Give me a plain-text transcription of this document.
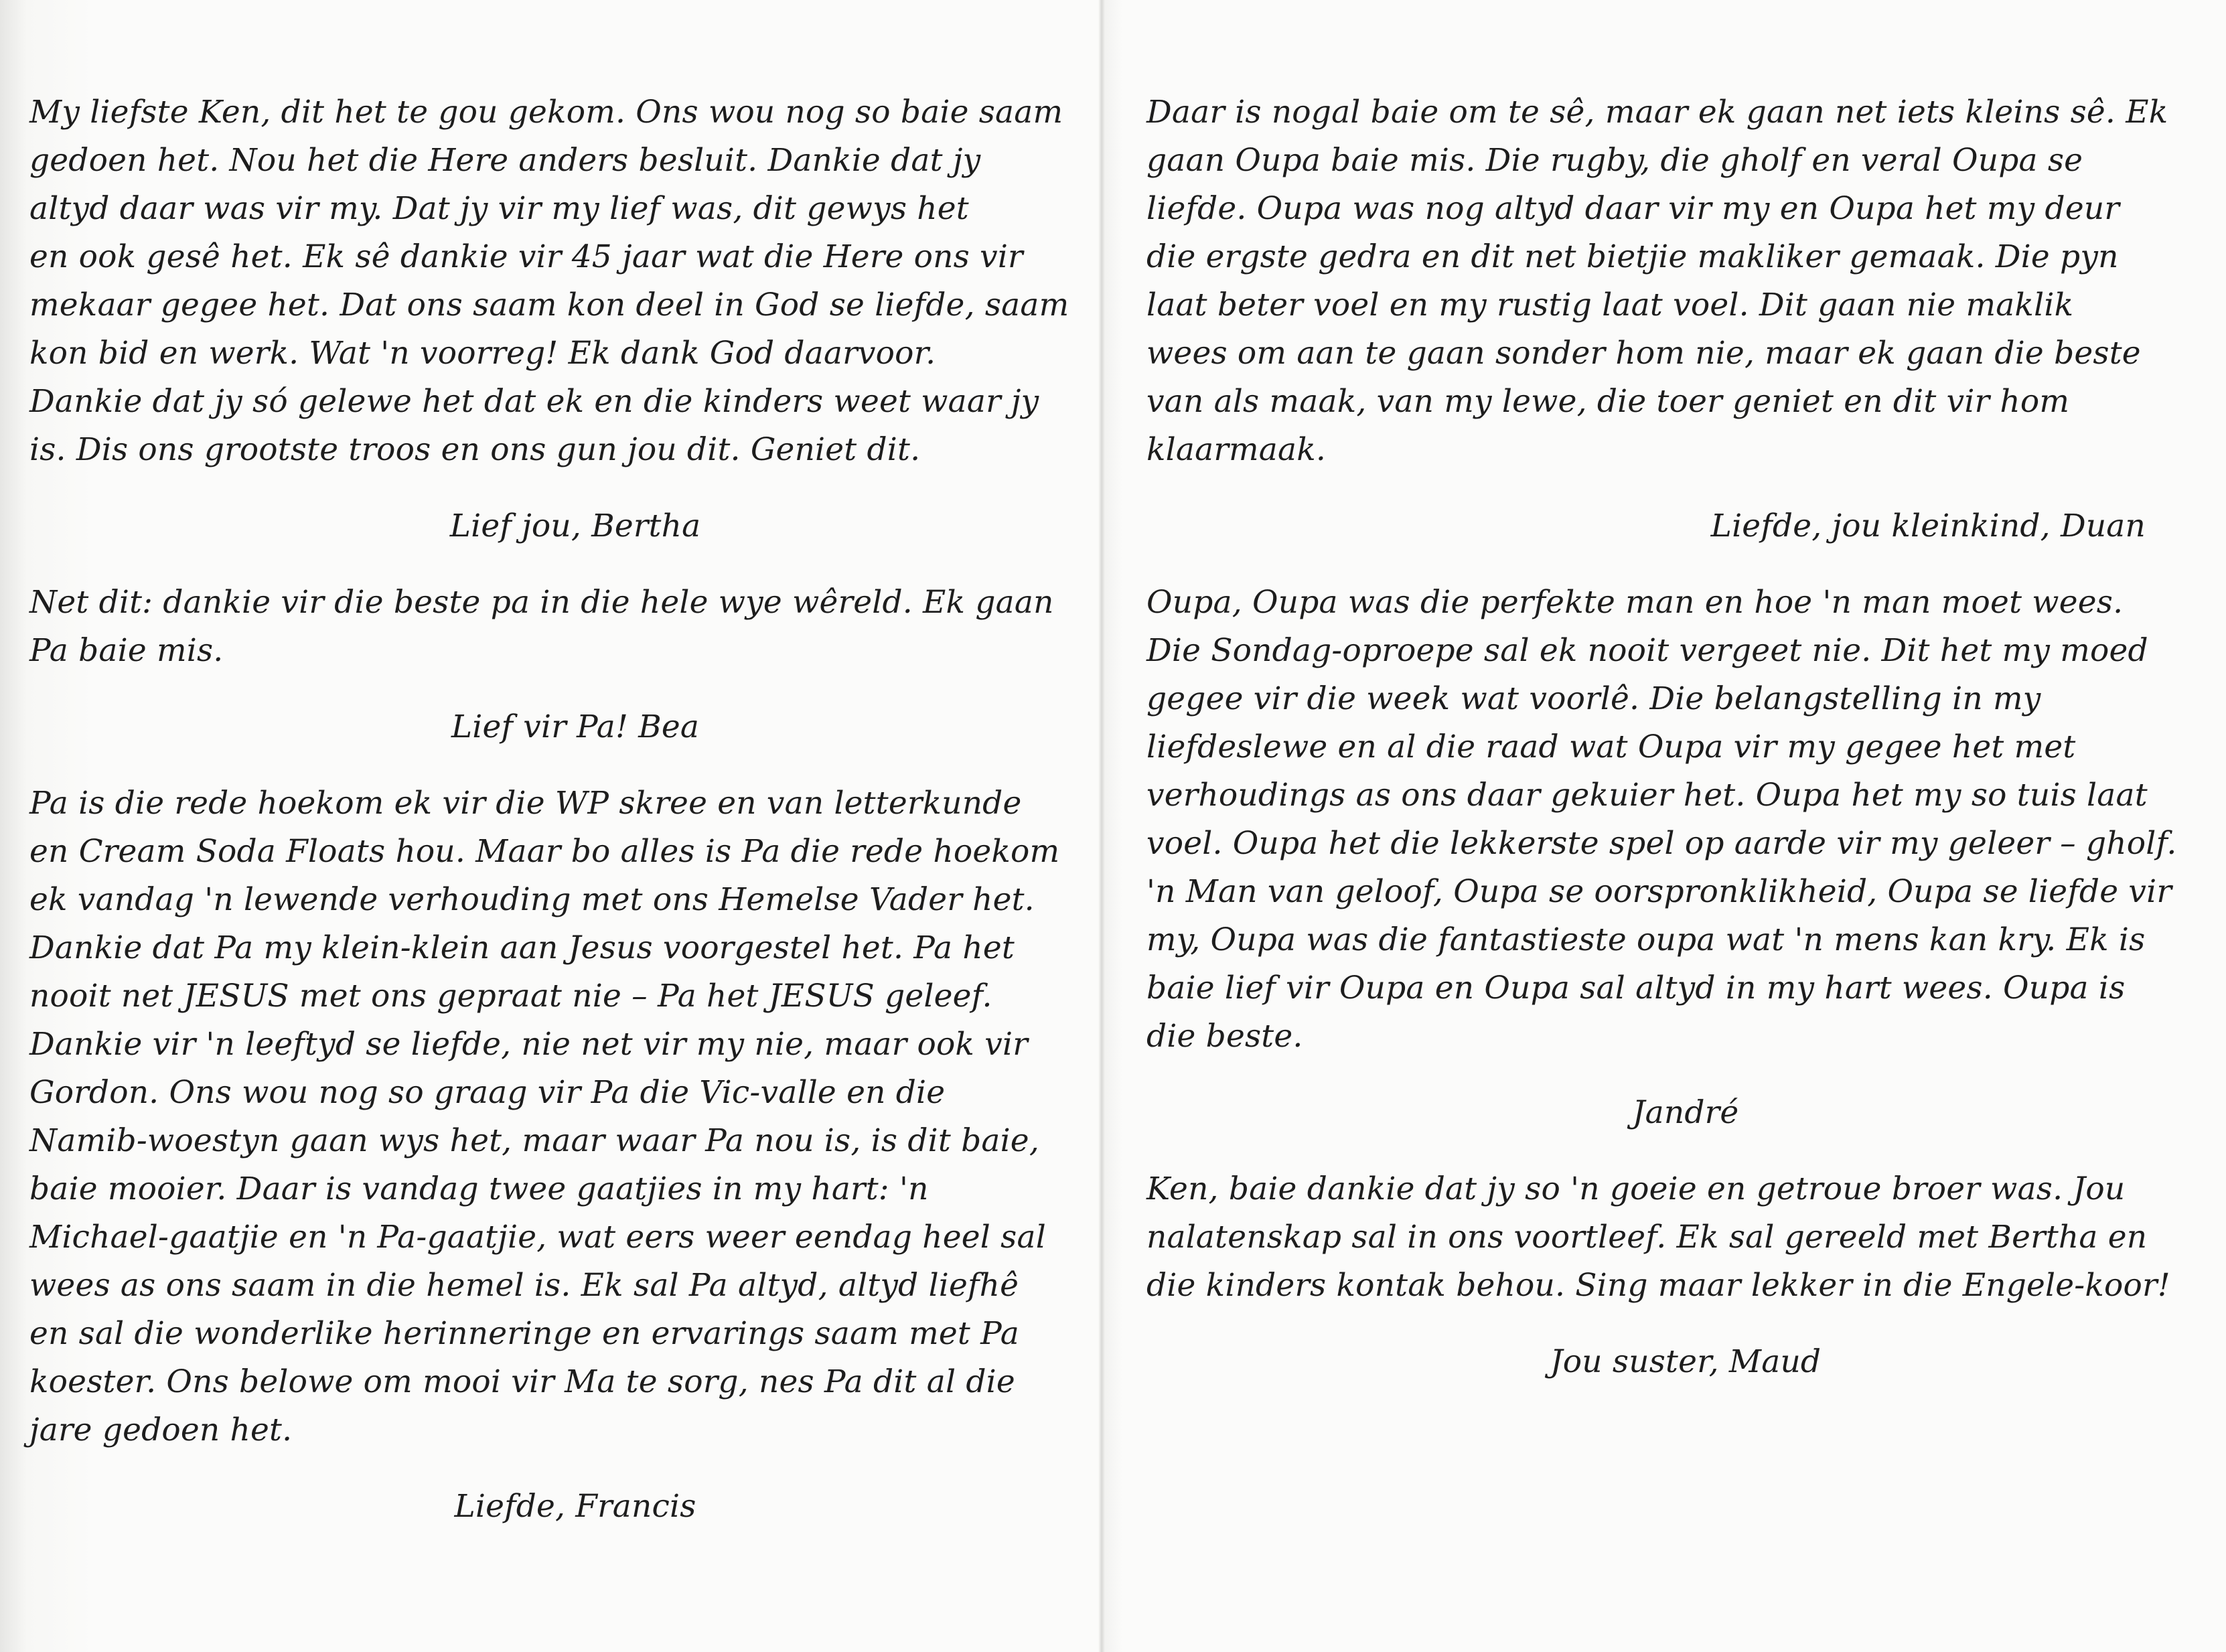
My liefste Ken, dit het te gou gekom. Ons wou nog so baie saam
gedoen het. Nou het die Here anders besluit. Dankie dat jy
altyd daar was vir my. Dat jy vir my lief was, dit gewys het
en ook gesê het. Ek sê dankie vir 45 jaar wat die Here ons vir
mekaar gegee het. Dat ons saam kon deel in God se liefde, saam
kon bid en werk. Wat 'n voorreg! Ek dank God daarvoor.
Dankie dat jy só gelewe het dat ek en die kinders weet waar jy
is. Dis ons grootste troos en ons gun jou dit. Geniet dit.

Lief jou, Bertha

Net dit: dankie vir die beste pa in die hele wye wêreld. Ek gaan
Pa baie mis.

Lief vir Pa! Bea

Pa is die rede hoekom ek vir die WP skree en van letterkunde
en Cream Soda Floats hou. Maar bo alles is Pa die rede hoekom
ek vandag 'n lewende verhouding met ons Hemelse Vader het.
Dankie dat Pa my klein-klein aan Jesus voorgestel het. Pa het
nooit net JESUS met ons gepraat nie – Pa het JESUS geleef.
Dankie vir 'n leeftyd se liefde, nie net vir my nie, maar ook vir
Gordon. Ons wou nog so graag vir Pa die Vic-valle en die
Namib-woestyn gaan wys het, maar waar Pa nou is, is dit baie,
baie mooier. Daar is vandag twee gaatjies in my hart: 'n
Michael-gaatjie en 'n Pa-gaatjie, wat eers weer eendag heel sal
wees as ons saam in die hemel is. Ek sal Pa altyd, altyd liefhê
en sal die wonderlike herinneringe en ervarings saam met Pa
koester. Ons belowe om mooi vir Ma te sorg, nes Pa dit al die
jare gedoen het.

Liefde, Francis

Daar is nogal baie om te sê, maar ek gaan net iets kleins sê. Ek
gaan Oupa baie mis. Die rugby, die gholf en veral Oupa se
liefde. Oupa was nog altyd daar vir my en Oupa het my deur
die ergste gedra en dit net bietjie makliker gemaak. Die pyn
laat beter voel en my rustig laat voel. Dit gaan nie maklik
wees om aan te gaan sonder hom nie, maar ek gaan die beste
van als maak, van my lewe, die toer geniet en dit vir hom
klaarmaak.

Liefde, jou kleinkind, Duan

Oupa, Oupa was die perfekte man en hoe 'n man moet wees.
Die Sondag-oproepe sal ek nooit vergeet nie. Dit het my moed
gegee vir die week wat voorlê. Die belangstelling in my
liefdeslewe en al die raad wat Oupa vir my gegee het met
verhoudings as ons daar gekuier het. Oupa het my so tuis laat
voel. Oupa het die lekkerste spel op aarde vir my geleer – gholf.
'n Man van geloof, Oupa se oorspronklikheid, Oupa se liefde vir
my, Oupa was die fantastieste oupa wat 'n mens kan kry. Ek is
baie lief vir Oupa en Oupa sal altyd in my hart wees. Oupa is
die beste.

Jandré

Ken, baie dankie dat jy so 'n goeie en getroue broer was. Jou
nalatenskap sal in ons voortleef. Ek sal gereeld met Bertha en
die kinders kontak behou. Sing maar lekker in die Engele-koor!

Jou suster, Maud
